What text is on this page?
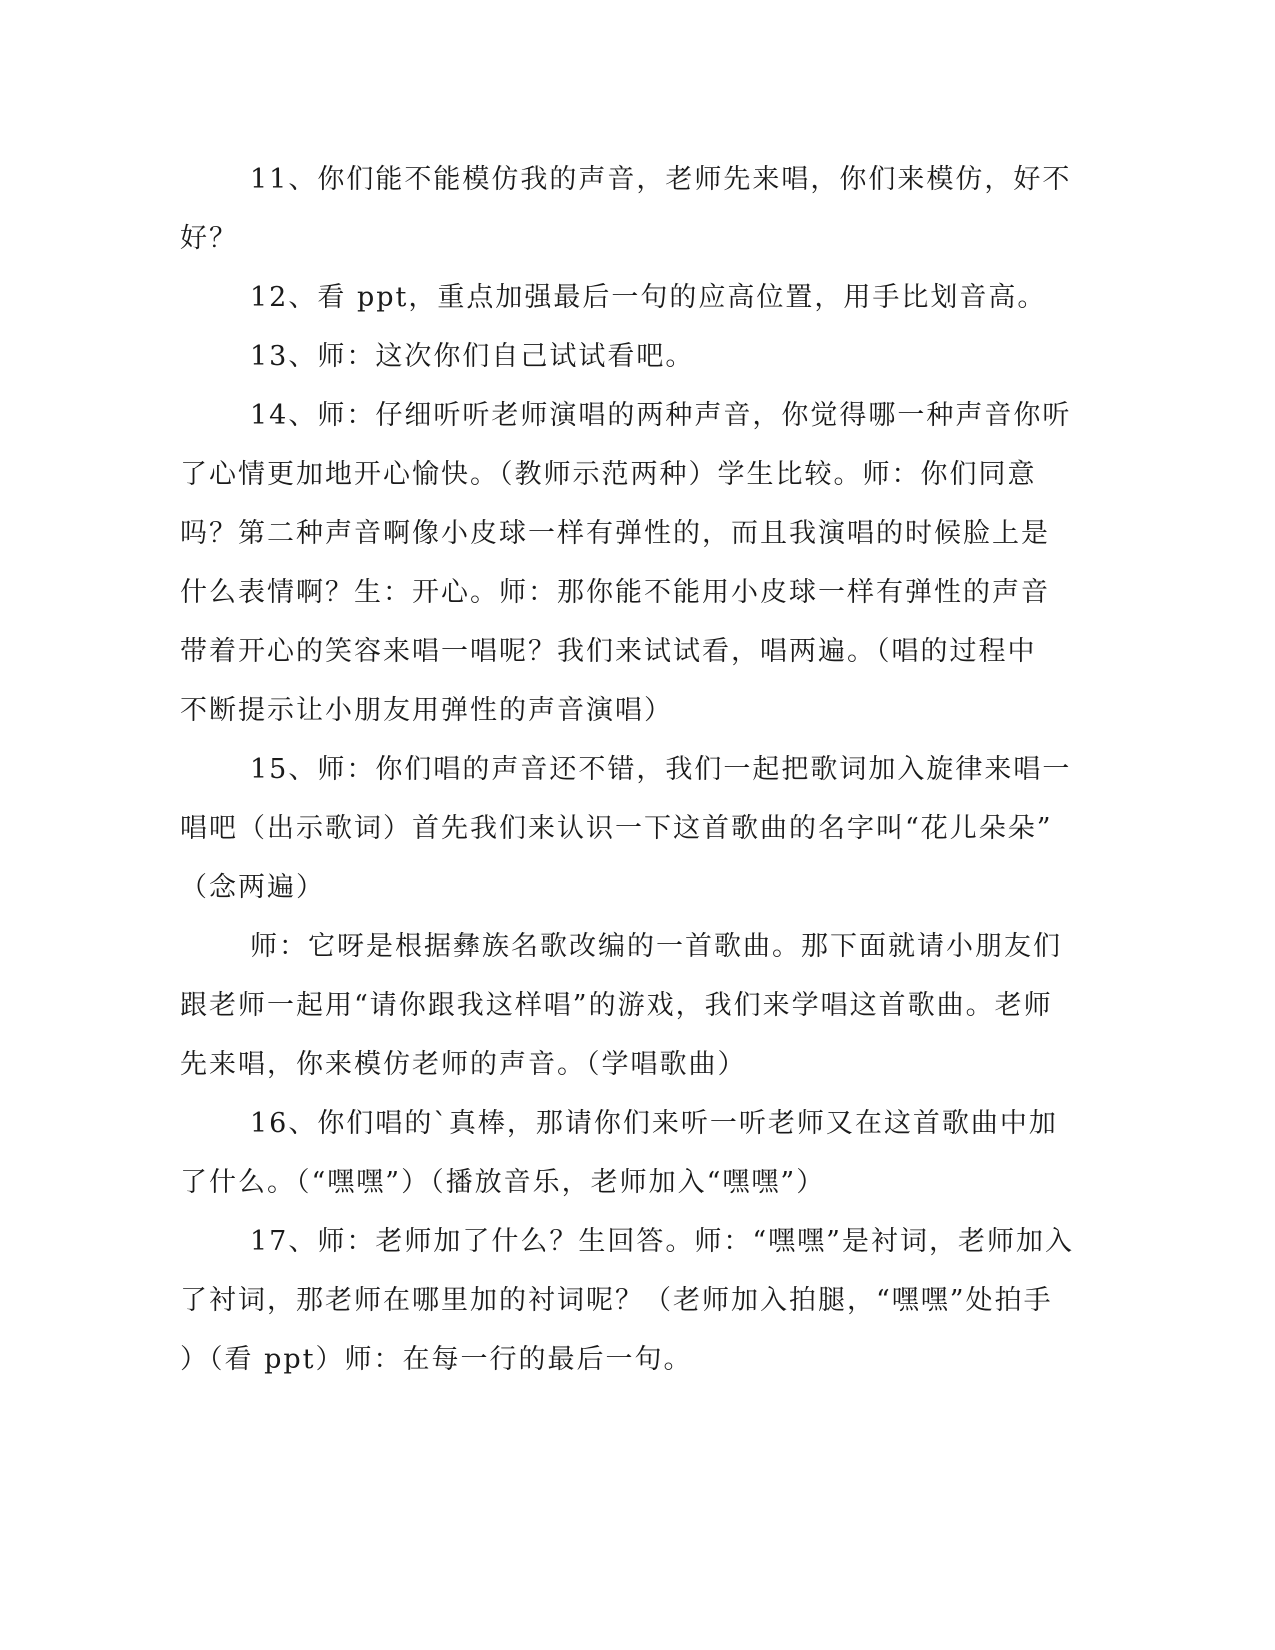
11、你们能不能模仿我的声音，老师先来唱，你们来模仿，好不
好？
12、看 ppt，重点加强最后一句的应高位置，用手比划音高。
13、师：这次你们自己试试看吧。
14、师：仔细听听老师演唱的两种声音，你觉得哪一种声音你听
了心情更加地开心愉快。（教师示范两种）学生比较。师：你们同意
吗？第二种声音啊像小皮球一样有弹性的，而且我演唱的时候脸上是
什么表情啊？生：开心。师：那你能不能用小皮球一样有弹性的声音
带着开心的笑容来唱一唱呢？我们来试试看，唱两遍。（唱的过程中
不断提示让小朋友用弹性的声音演唱）
15、师：你们唱的声音还不错，我们一起把歌词加入旋律来唱一
唱吧（出示歌词）首先我们来认识一下这首歌曲的名字叫“花儿朵朵”
（念两遍）
师：它呀是根据彝族名歌改编的一首歌曲。那下面就请小朋友们
跟老师一起用“请你跟我这样唱”的游戏，我们来学唱这首歌曲。老师
先来唱，你来模仿老师的声音。（学唱歌曲）
16、你们唱的`真棒，那请你们来听一听老师又在这首歌曲中加
了什么。（“嘿嘿”）（播放音乐，老师加入“嘿嘿”）
17、师：老师加了什么？生回答。师：“嘿嘿”是衬词，老师加入
了衬词，那老师在哪里加的衬词呢？（老师加入拍腿，“嘿嘿”处拍手
）（看 ppt）师：在每一行的最后一句。
